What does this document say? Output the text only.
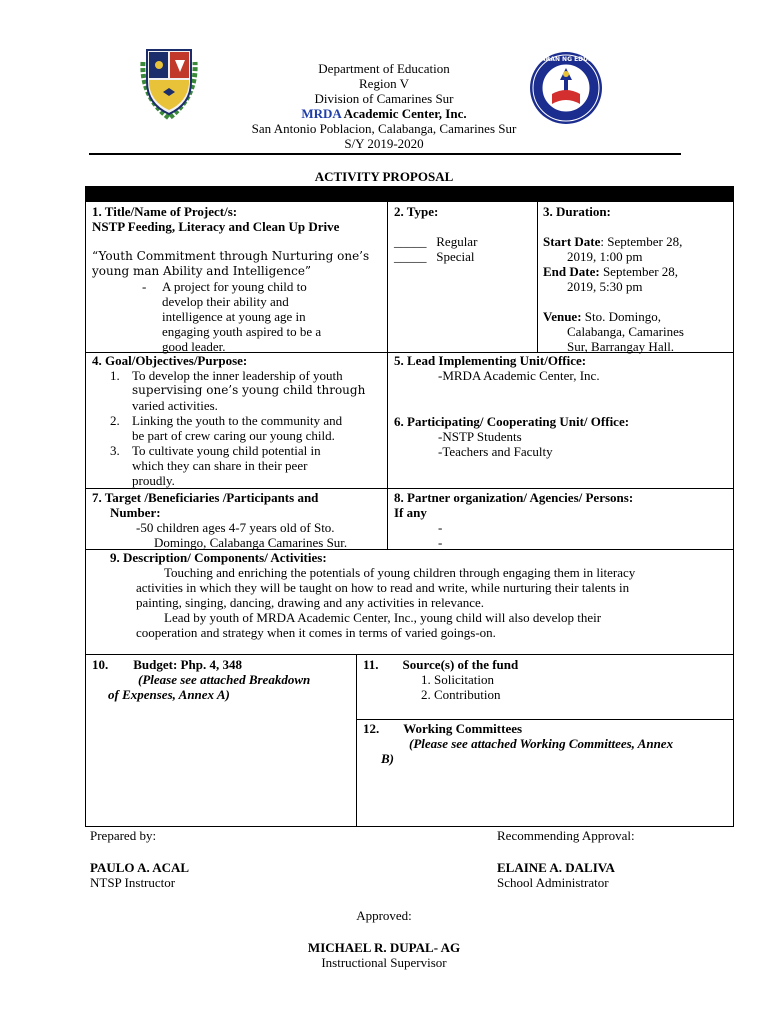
KAGAWARAN NG EDUKASYON
Department of Education
Region V
Division of Camarines Sur
MRDA Academic Center, Inc.
San Antonio Poblacion, Calabanga, Camarines Sur
S/Y 2019-2020
ACTIVITY PROPOSAL
1. Title/Name of Project/s:
NSTP Feeding, Literacy and Clean Up Drive
“Youth Commitment through Nurturing one’s
young man Ability and Intelligence”
- A project for young child to
develop their ability and
intelligence at young age in
engaging youth aspired to be a
good leader.
2. Type:
_____ Regular
_____ Special
3. Duration:
Start Date: September 28,
2019, 1:00 pm
End Date: September 28,
2019, 5:30 pm
Venue: Sto. Domingo,
Calabanga, Camarines
Sur, Barrangay Hall.
4. Goal/Objectives/Purpose:
1. To develop the inner leadership of youth
supervising one’s young child through
varied activities.
2. Linking the youth to the community and
be part of crew caring our young child.
3. To cultivate young child potential in
which they can share in their peer
proudly.
5. Lead Implementing Unit/Office:
-MRDA Academic Center, Inc.
6. Participating/ Cooperating Unit/ Office:
-NSTP Students
-Teachers and Faculty
7. Target /Beneficiaries /Participants and
Number:
-50 children ages 4-7 years old of Sto.
Domingo, Calabanga Camarines Sur.
8. Partner organization/ Agencies/ Persons:
If any
-
-
9. Description/ Components/ Activities:
Touching and enriching the potentials of young children through engaging them in literacy
activities in which they will be taught on how to read and write, while nurturing their talents in
painting, singing, dancing, drawing and any activities in relevance.
Lead by youth of MRDA Academic Center, Inc., young child will also develop their
cooperation and strategy when it comes in terms of varied goings-on.
10. Budget: Php. 4, 348
(Please see attached Breakdown
of Expenses, Annex A)
11. Source(s) of the fund
1. Solicitation
2. Contribution
12. Working Committees
(Please see attached Working Committees, Annex
B)
Prepared by:
PAULO A. ACAL
NTSP Instructor
Recommending Approval:
ELAINE A. DALIVA
School Administrator
Approved:
MICHAEL R. DUPAL- AG
Instructional Supervisor
